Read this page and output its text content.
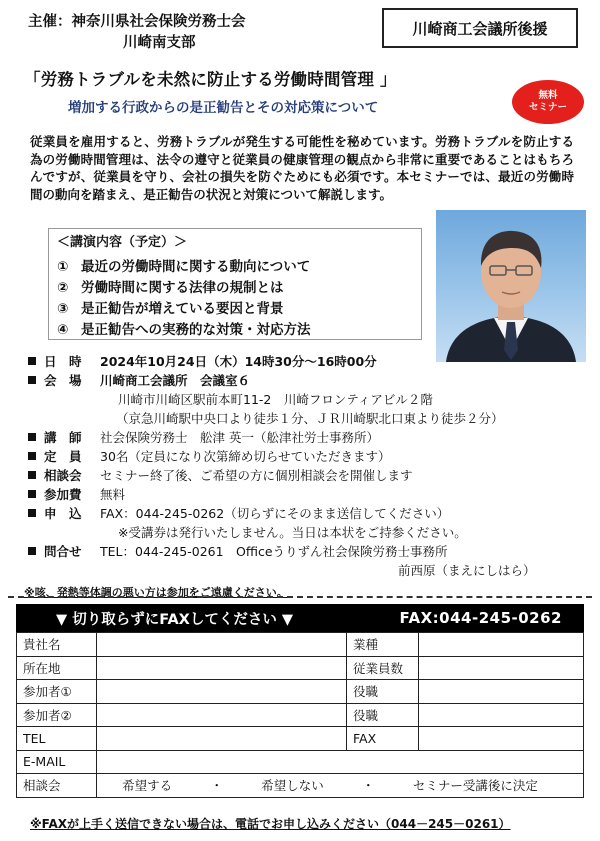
主催：神奈川県社会保険労務士会
川崎南支部
川崎商工会議所後援
「労務トラブルを未然に防止する労働時間管理 」
増加する行政からの是正勧告とその対応策について
無料
セミナー
従業員を雇用すると、労務トラブルが発生する可能性を秘めています。労務トラブルを防止する為の労働時間管理は、法令の遵守と従業員の健康管理の観点から非常に重要であることはもちろんですが、従業員を守り、会社の損失を防ぐためにも必須です。本セミナーでは、最近の労働時間の動向を踏まえ、是正勧告の状況と対策について解説します。
＜講演内容（予定）＞
① 最近の労働時間に関する動向について
② 労働時間に関する法律の規制とは
③ 是正勧告が増えている要因と背景
④ 是正勧告への実務的な対策・対応方法
日　時 2024年10月24日（木）14時30分～16時00分
会　場 川崎商工会議所　会議室６
川崎市川崎区駅前本町11-2　川崎フロンティアビル２階
（京急川崎駅中央口より徒歩１分、ＪＲ川崎駅北口東より徒歩２分）
講　師 社会保険労務士　舩津 英一（舩津社労士事務所）
定　員 30名（定員になり次第締め切らせていただきます）
相談会 セミナー終了後、ご希望の方に個別相談会を開催します
参加費 無料
申　込 FAX：044-245-0262（切らずにそのまま送信してください）
※受講券は発行いたしません。当日は本状をご持参ください。
問合せ TEL：044-245-0261　Officeうりずん社会保険労務士事務所
前西原（まえにしはら）
※咳、発熱等体調の悪い方は参加をご遠慮ください。
▼ 切り取らずにFAXしてください ▼	FAX:044-245-0262
貴社名		業種	
所在地		従業員数	
参加者①		役職	
参加者②		役職	
TEL		FAX	
E-MAIL			
相談会	希望する ・ 希望しない ・ セミナー受講後に決定		
※FAXが上手く送信できない場合は、電話でお申し込みください（044－245－0261）
